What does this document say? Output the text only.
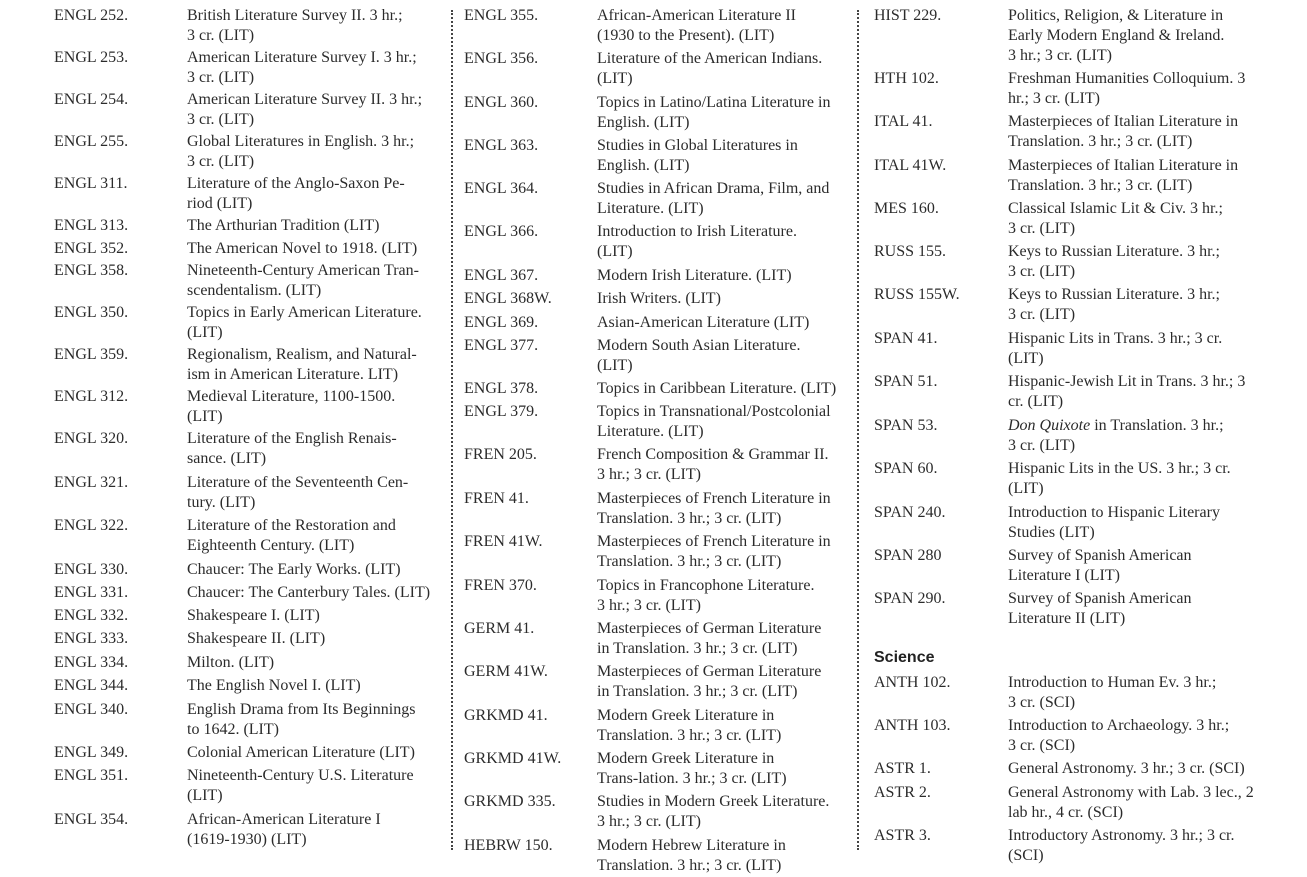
ENGL 252.	British Literature Survey II. 3 hr.;
3 cr. (LIT)
ENGL 253.	American Literature Survey I. 3 hr.;
3 cr. (LIT)
ENGL 254.	American Literature Survey II. 3 hr.;
3 cr. (LIT)
ENGL 255.	Global Literatures in English. 3 hr.;
3 cr. (LIT)
ENGL 311.	Literature of the Anglo-Saxon Pe-
riod (LIT)
ENGL 313.	The Arthurian Tradition (LIT)
ENGL 352.	The American Novel to 1918. (LIT)
ENGL 358.	Nineteenth-Century American Tran-
scendentalism. (LIT)
ENGL 350.	Topics in Early American Literature.
(LIT)
ENGL 359.	Regionalism, Realism, and Natural-
ism in American Literature. LIT)
ENGL 312.	Medieval Literature, 1100-1500.
(LIT)
ENGL 320.	Literature of the English Renais-
sance. (LIT)
ENGL 321.	Literature of the Seventeenth Cen-
tury. (LIT)
ENGL 322.	Literature of the Restoration and
Eighteenth Century. (LIT)
ENGL 330.	Chaucer: The Early Works. (LIT)
ENGL 331.	Chaucer: The Canterbury Tales. (LIT)
ENGL 332.	Shakespeare I. (LIT)
ENGL 333.	Shakespeare II. (LIT)
ENGL 334.	Milton. (LIT)
ENGL 344.	The English Novel I. (LIT)
ENGL 340.	English Drama from Its Beginnings
to 1642. (LIT)
ENGL 349.	Colonial American Literature (LIT)
ENGL 351.	Nineteenth-Century U.S. Literature
(LIT)
ENGL 354.	African-American Literature I
(1619-1930) (LIT)
ENGL 355.	African-American Literature II
(1930 to the Present). (LIT)
ENGL 356.	Literature of the American Indians.
(LIT)
ENGL 360.	Topics in Latino/Latina Literature in
English. (LIT)
ENGL 363.	Studies in Global Literatures in
English. (LIT)
ENGL 364.	Studies in African Drama, Film, and
Literature. (LIT)
ENGL 366.	Introduction to Irish Literature.
(LIT)
ENGL 367.	Modern Irish Literature. (LIT)
ENGL 368W.	Irish Writers. (LIT)
ENGL 369.	Asian-American Literature (LIT)
ENGL 377.	Modern South Asian Literature.
(LIT)
ENGL 378.	Topics in Caribbean Literature. (LIT)
ENGL 379.	Topics in Transnational/Postcolonial
Literature. (LIT)
FREN 205.	French Composition & Grammar II.
3 hr.; 3 cr. (LIT)
FREN 41.	Masterpieces of French Literature in
Translation. 3 hr.; 3 cr. (LIT)
FREN 41W.	Masterpieces of French Literature in
Translation. 3 hr.; 3 cr. (LIT)
FREN 370.	Topics in Francophone Literature.
3 hr.; 3 cr. (LIT)
GERM 41.	Masterpieces of German Literature
in Translation. 3 hr.; 3 cr. (LIT)
GERM 41W.	Masterpieces of German Literature
in Translation. 3 hr.; 3 cr. (LIT)
GRKMD 41.	Modern Greek Literature in
Translation. 3 hr.; 3 cr. (LIT)
GRKMD 41W. Modern Greek Literature in
Trans-lation. 3 hr.; 3 cr. (LIT)
GRKMD 335.	Studies in Modern Greek Literature.
3 hr.; 3 cr. (LIT)
HEBRW 150.	Modern Hebrew Literature in
Translation. 3 hr.; 3 cr. (LIT)
Science
HIST 229.	Politics, Religion, & Literature in
Early Modern England & Ireland.
3 hr.; 3 cr. (LIT)
HTH 102.	Freshman Humanities Colloquium. 3
hr.; 3 cr. (LIT)
ITAL 41.	Masterpieces of Italian Literature in
Translation. 3 hr.; 3 cr. (LIT)
ITAL 41W.	Masterpieces of Italian Literature in
Translation. 3 hr.; 3 cr. (LIT)
MES 160.	Classical Islamic Lit & Civ. 3 hr.;
3 cr. (LIT)
RUSS 155.	Keys to Russian Literature. 3 hr.;
3 cr. (LIT)
RUSS 155W.	Keys to Russian Literature. 3 hr.;
3 cr. (LIT)
SPAN 41.	Hispanic Lits in Trans. 3 hr.; 3 cr.
(LIT)
SPAN 51.	Hispanic-Jewish Lit in Trans. 3 hr.; 3
cr. (LIT)
SPAN 53.	Don Quixote in Translation. 3 hr.;
3 cr. (LIT)
SPAN 60.	Hispanic Lits in the US. 3 hr.; 3 cr.
(LIT)
SPAN 240.	Introduction to Hispanic Literary
Studies (LIT)
SPAN 280	Survey of Spanish American
Literature I (LIT)
SPAN 290.	Survey of Spanish American
Literature II (LIT)
ANTH 102.	Introduction to Human Ev. 3 hr.;
3 cr. (SCI)
ANTH 103.	Introduction to Archaeology. 3 hr.;
3 cr. (SCI)
ASTR 1.	General Astronomy. 3 hr.; 3 cr. (SCI)
ASTR 2.	General Astronomy with Lab. 3 lec., 2
lab hr., 4 cr. (SCI)
ASTR 3.	Introductory Astronomy. 3 hr.; 3 cr.
(SCI)
